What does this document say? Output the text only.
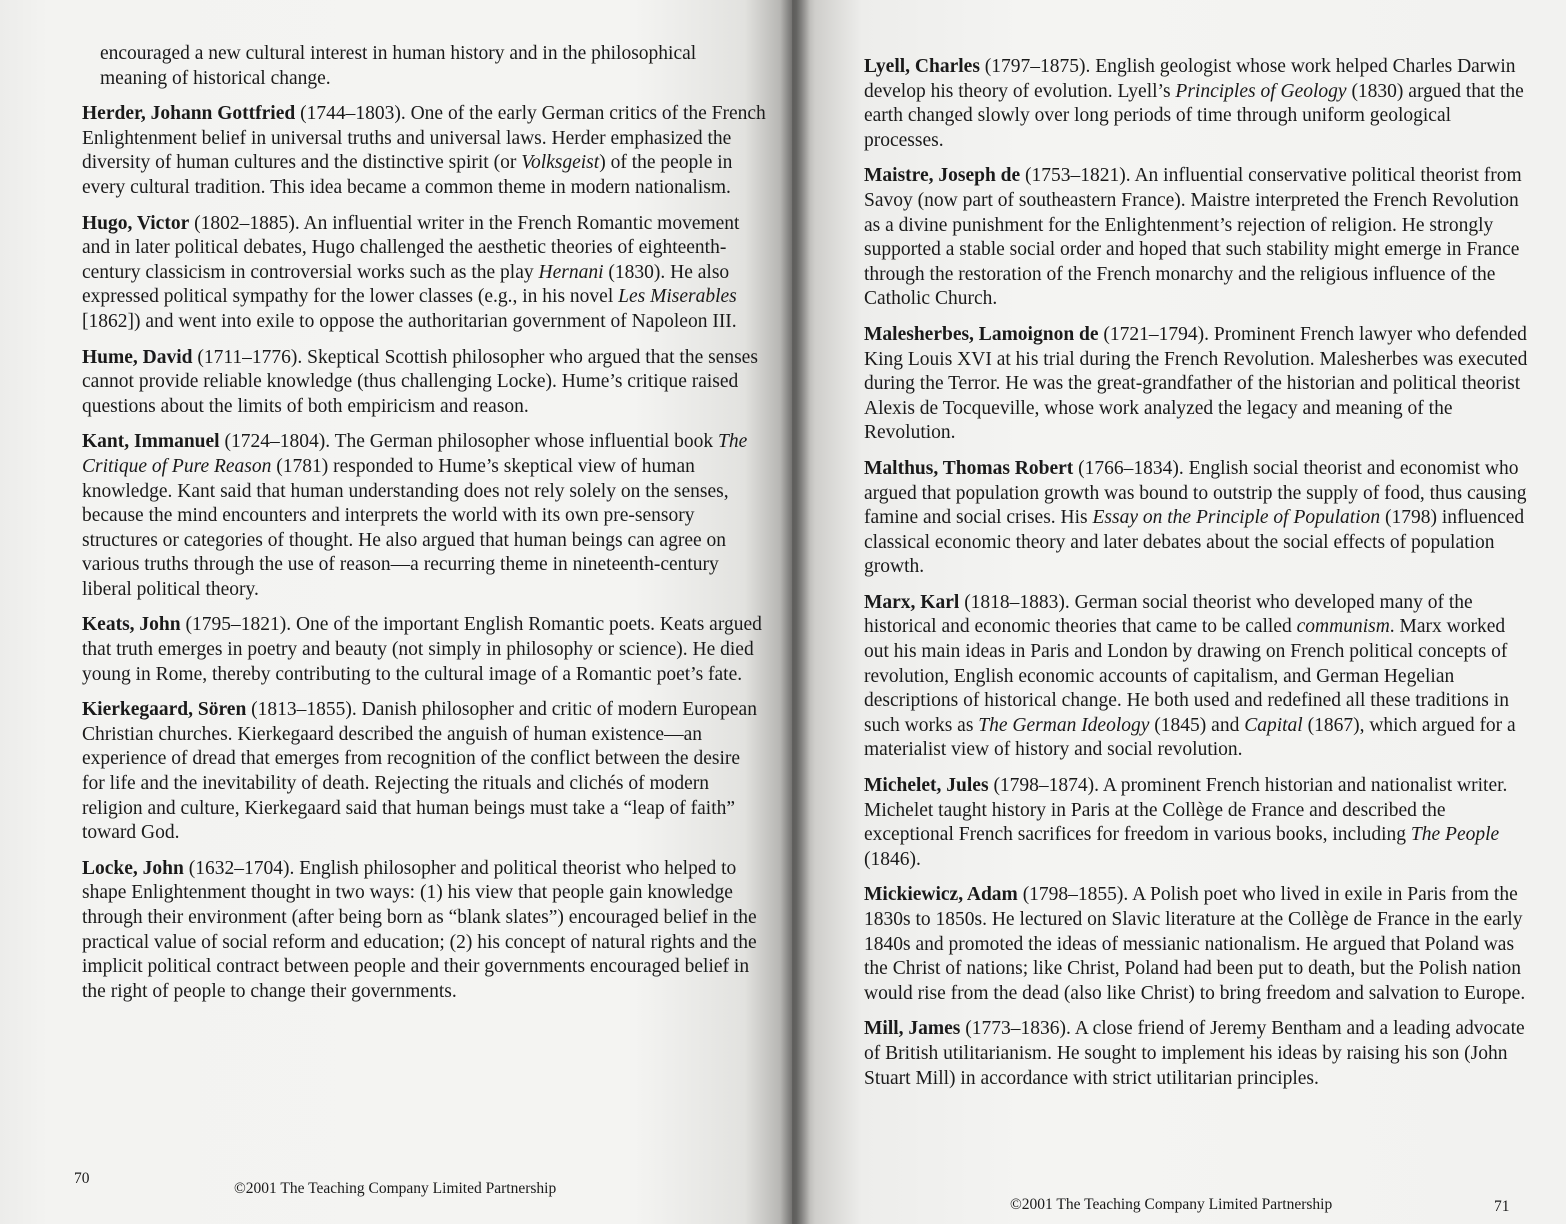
encouraged a new cultural interest in human history and in the philosophical meaning of historical change.

Herder, Johann Gottfried (1744–1803). One of the early German critics of the French Enlightenment belief in universal truths and universal laws. Herder emphasized the diversity of human cultures and the distinctive spirit (or Volksgeist) of the people in every cultural tradition. This idea became a common theme in modern nationalism.

Hugo, Victor (1802–1885). An influential writer in the French Romantic movement and in later political debates, Hugo challenged the aesthetic theories of eighteenth-century classicism in controversial works such as the play Hernani (1830). He also expressed political sympathy for the lower classes (e.g., in his novel Les Miserables [1862]) and went into exile to oppose the authoritarian government of Napoleon III.

Hume, David (1711–1776). Skeptical Scottish philosopher who argued that the senses cannot provide reliable knowledge (thus challenging Locke). Hume’s critique raised questions about the limits of both empiricism and reason.

Kant, Immanuel (1724–1804). The German philosopher whose influential book The Critique of Pure Reason (1781) responded to Hume’s skeptical view of human knowledge. Kant said that human understanding does not rely solely on the senses, because the mind encounters and interprets the world with its own pre-sensory structures or categories of thought. He also argued that human beings can agree on various truths through the use of reason—a recurring theme in nineteenth-century liberal political theory.

Keats, John (1795–1821). One of the important English Romantic poets. Keats argued that truth emerges in poetry and beauty (not simply in philosophy or science). He died young in Rome, thereby contributing to the cultural image of a Romantic poet’s fate.

Kierkegaard, Sören (1813–1855). Danish philosopher and critic of modern European Christian churches. Kierkegaard described the anguish of human existence—an experience of dread that emerges from recognition of the conflict between the desire for life and the inevitability of death. Rejecting the rituals and clichés of modern religion and culture, Kierkegaard said that human beings must take a “leap of faith” toward God.

Locke, John (1632–1704). English philosopher and political theorist who helped to shape Enlightenment thought in two ways: (1) his view that people gain knowledge through their environment (after being born as “blank slates”) encouraged belief in the practical value of social reform and education; (2) his concept of natural rights and the implicit political contract between people and their governments encouraged belief in the right of people to change their governments.

70
©2001 The Teaching Company Limited Partnership

Lyell, Charles (1797–1875). English geologist whose work helped Charles Darwin develop his theory of evolution. Lyell’s Principles of Geology (1830) argued that the earth changed slowly over long periods of time through uniform geological processes.

Maistre, Joseph de (1753–1821). An influential conservative political theorist from Savoy (now part of southeastern France). Maistre interpreted the French Revolution as a divine punishment for the Enlightenment’s rejection of religion. He strongly supported a stable social order and hoped that such stability might emerge in France through the restoration of the French monarchy and the religious influence of the Catholic Church.

Malesherbes, Lamoignon de (1721–1794). Prominent French lawyer who defended King Louis XVI at his trial during the French Revolution. Malesherbes was executed during the Terror. He was the great-grandfather of the historian and political theorist Alexis de Tocqueville, whose work analyzed the legacy and meaning of the Revolution.

Malthus, Thomas Robert (1766–1834). English social theorist and economist who argued that population growth was bound to outstrip the supply of food, thus causing famine and social crises. His Essay on the Principle of Population (1798) influenced classical economic theory and later debates about the social effects of population growth.

Marx, Karl (1818–1883). German social theorist who developed many of the historical and economic theories that came to be called communism. Marx worked out his main ideas in Paris and London by drawing on French political concepts of revolution, English economic accounts of capitalism, and German Hegelian descriptions of historical change. He both used and redefined all these traditions in such works as The German Ideology (1845) and Capital (1867), which argued for a materialist view of history and social revolution.

Michelet, Jules (1798–1874). A prominent French historian and nationalist writer. Michelet taught history in Paris at the Collège de France and described the exceptional French sacrifices for freedom in various books, including The People (1846).

Mickiewicz, Adam (1798–1855). A Polish poet who lived in exile in Paris from the 1830s to 1850s. He lectured on Slavic literature at the Collège de France in the early 1840s and promoted the ideas of messianic nationalism. He argued that Poland was the Christ of nations; like Christ, Poland had been put to death, but the Polish nation would rise from the dead (also like Christ) to bring freedom and salvation to Europe.

Mill, James (1773–1836). A close friend of Jeremy Bentham and a leading advocate of British utilitarianism. He sought to implement his ideas by raising his son (John Stuart Mill) in accordance with strict utilitarian principles.

©2001 The Teaching Company Limited Partnership	71
